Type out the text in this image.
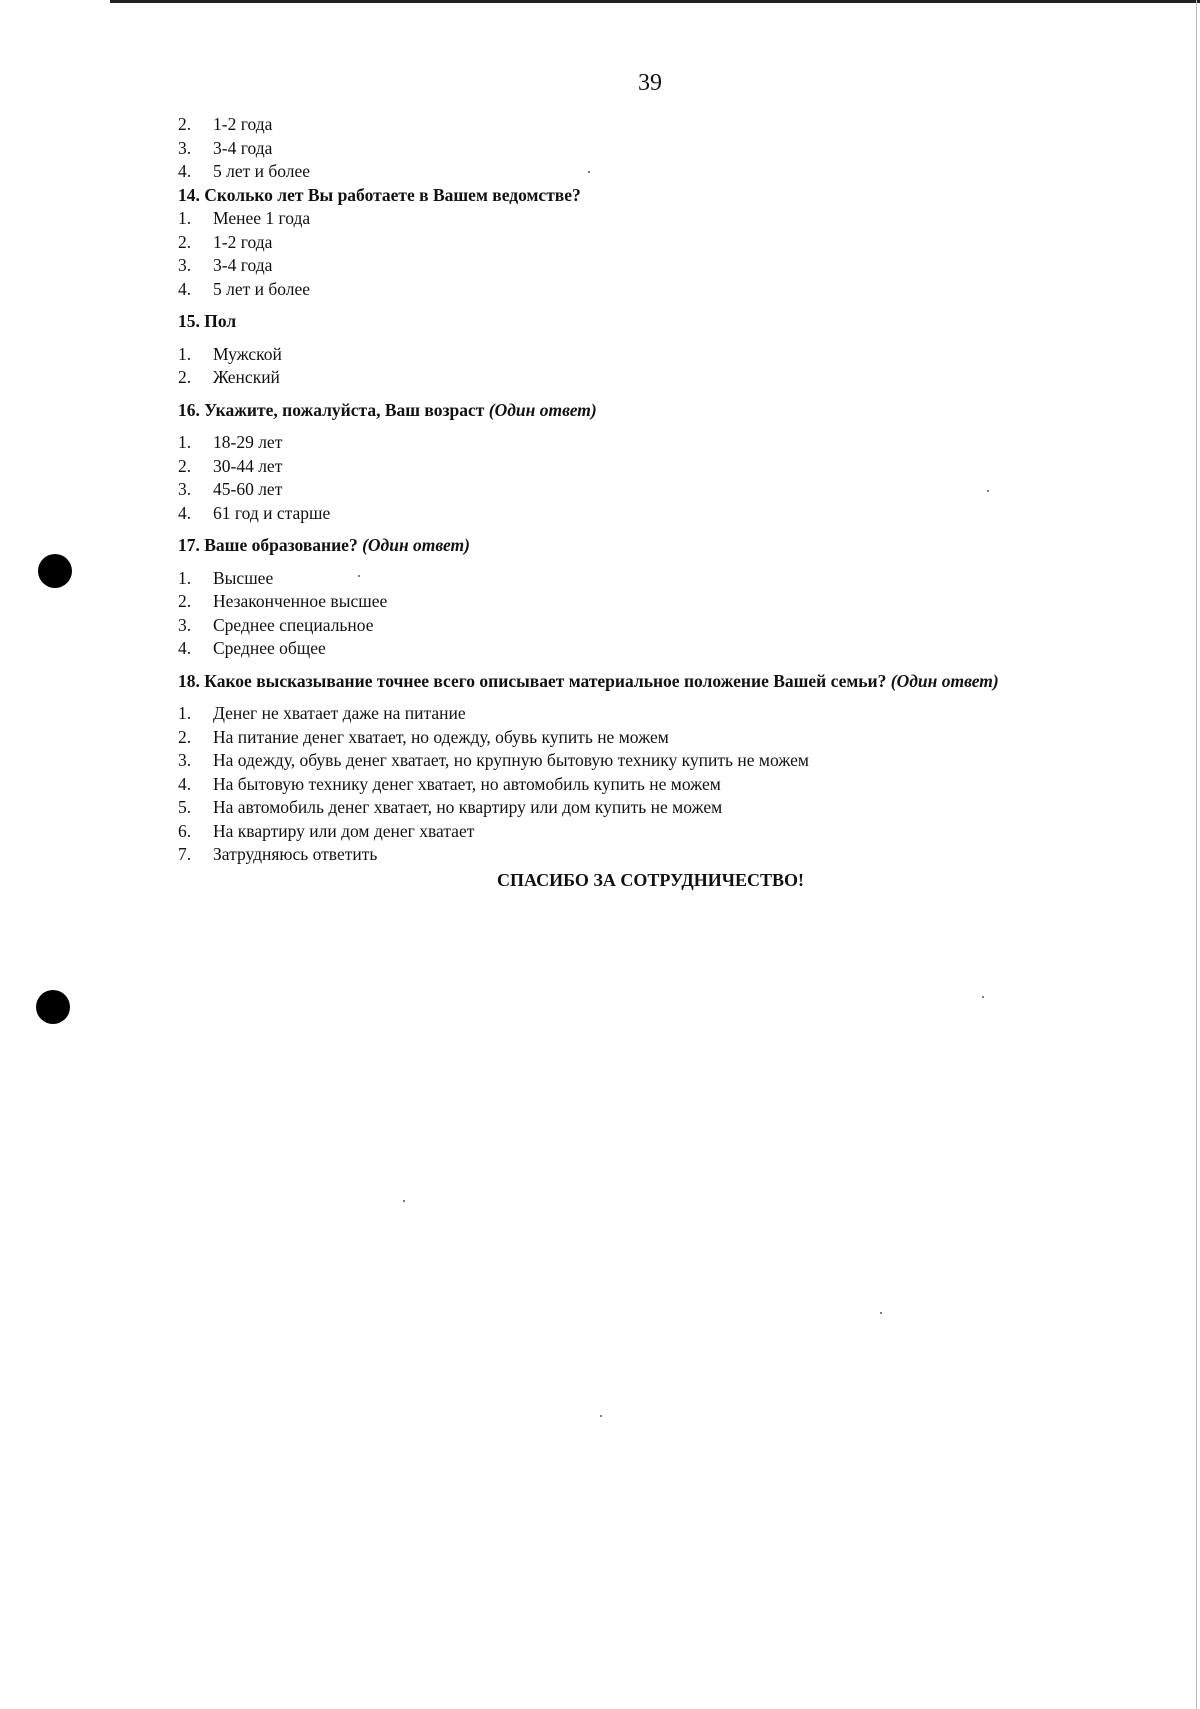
39
2. 1-2 года
3. 3-4 года
4. 5 лет и более

14. Сколько лет Вы работаете в Вашем ведомстве?

1. Менее 1 года
2. 1-2 года
3. 3-4 года
4. 5 лет и более

15. Пол

1. Мужской
2. Женский

16. Укажите, пожалуйста, Ваш возраст (Один ответ)

1. 18-29 лет
2. 30-44 лет
3. 45-60 лет
4. 61 год и старше

17. Ваше образование? (Один ответ)

1. Высшее
2. Незаконченное высшее
3. Среднее специальное
4. Среднее общее

18. Какое высказывание точнее всего описывает материальное положение Вашей семьи? (Один ответ)

1. Денег не хватает даже на питание
2. На питание денег хватает, но одежду, обувь купить не можем
3. На одежду, обувь денег хватает, но крупную бытовую технику купить не можем
4. На бытовую технику денег хватает, но автомобиль купить не можем
5. На автомобиль денег хватает, но квартиру или дом купить не можем
6. На квартиру или дом денег хватает
7. Затрудняюсь ответить

СПАСИБО ЗА СОТРУДНИЧЕСТВО!
